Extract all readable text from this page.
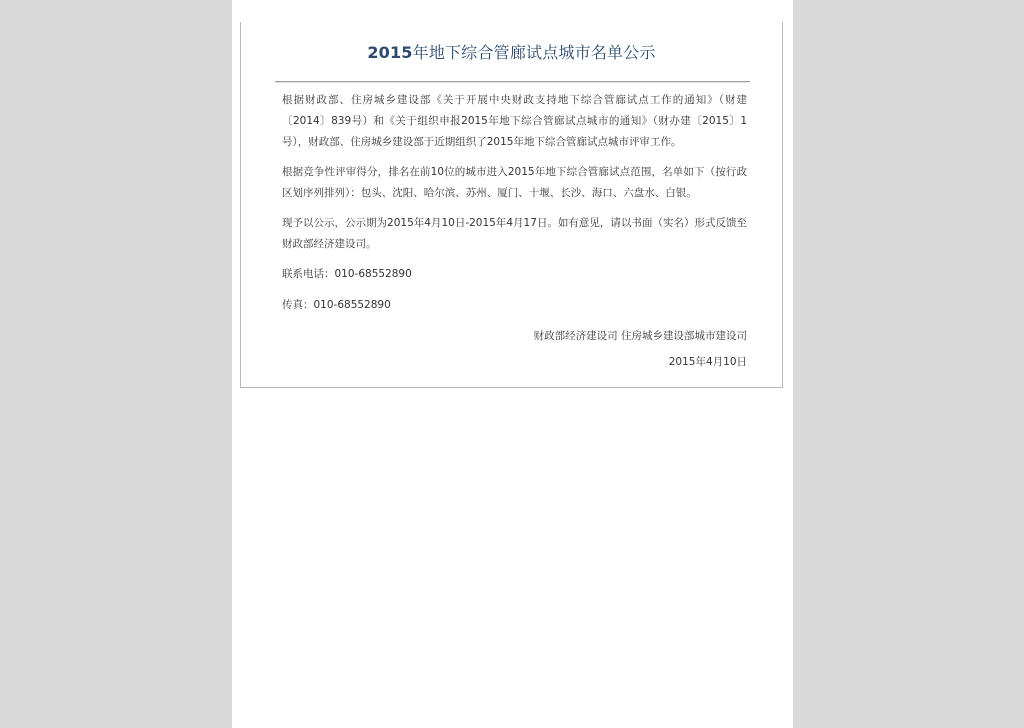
2015年地下综合管廊试点城市名单公示

根据财政部、住房城乡建设部《关于开展中央财政支持地下综合管廊试点工作的通知》（财建〔2014〕839号）和《关于组织申报2015年地下综合管廊试点城市的通知》（财办建〔2015〕1号），财政部、住房城乡建设部于近期组织了2015年地下综合管廊试点城市评审工作。

根据竞争性评审得分，排名在前10位的城市进入2015年地下综合管廊试点范围，名单如下（按行政区划序列排列）：包头、沈阳、哈尔滨、苏州、厦门、十堰、长沙、海口、六盘水、白银。

现予以公示，公示期为2015年4月10日-2015年4月17日。如有意见，请以书面（实名）形式反馈至财政部经济建设司。

联系电话：010-68552890

传真：010-68552890

财政部经济建设司 住房城乡建设部城市建设司

2015年4月10日
